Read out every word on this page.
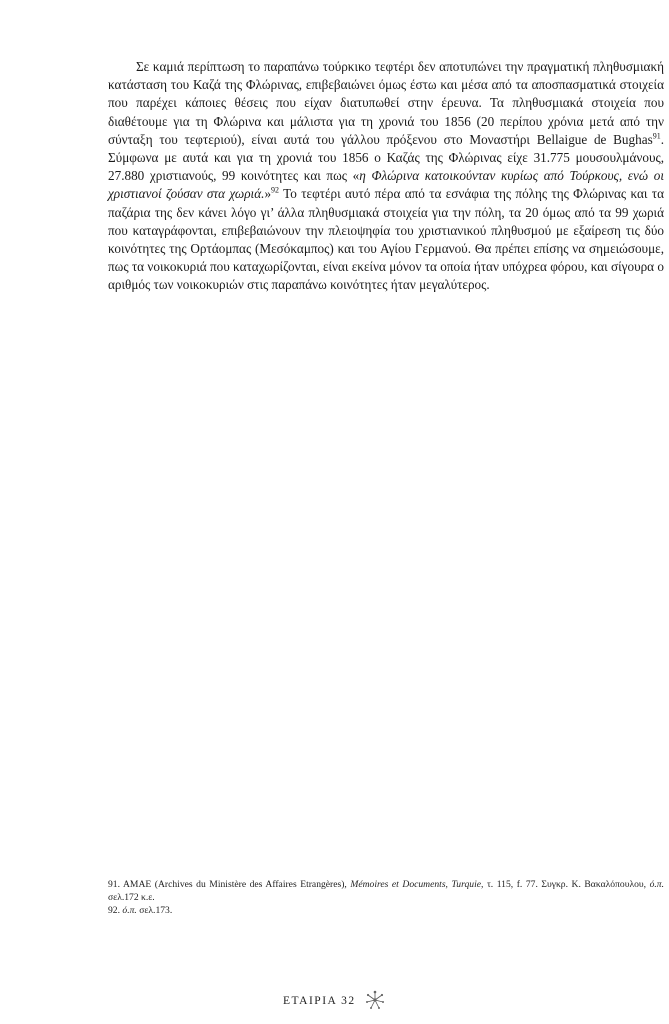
Σε καμιά περίπτωση το παραπάνω τούρκικο τεφτέρι δεν αποτυπώνει την πραγματική πληθυσμιακή κατάσταση του Καζά της Φλώρινας, επιβεβαιώνει όμως έστω και μέσα από τα αποσπασματικά στοιχεία που παρέχει κάποιες θέσεις που είχαν διατυπωθεί στην έρευνα. Τα πληθυσμιακά στοιχεία που διαθέτουμε για τη Φλώρινα και μάλιστα για τη χρονιά του 1856 (20 περίπου χρόνια μετά από την σύνταξη του τεφτεριού), είναι αυτά του γάλλου πρόξενου στο Μοναστήρι Bellaigue de Bughas$^{91}$. Σύμφωνα με αυτά και για τη χρονιά του 1856 ο Καζάς της Φλώρινας είχε 31.775 μουσουλμάνους, 27.880 χριστιανούς, 99 κοινότητες και πως «η Φλώρινα κατοικούνταν κυρίως από Τούρκους, ενώ οι χριστιανοί ζούσαν στα χωριά.»$^{92}$ Το τεφτέρι αυτό πέρα από τα εσνάφια της πόλης της Φλώρινας και τα παζάρια της δεν κάνει λόγο γι’ άλλα πληθυσμιακά στοιχεία για την πόλη, τα 20 όμως από τα 99 χωριά που καταγράφονται, επιβεβαιώνουν την πλειοψηφία του χριστιανικού πληθυσμού με εξαίρεση τις δύο κοινότητες της Ορτάομπας (Μεσόκαμπος) και του Αγίου Γερμανού. Θα πρέπει επίσης να σημειώσουμε, πως τα νοικοκυριά που καταχωρίζονται, είναι εκείνα μόνον τα οποία ήταν υπόχρεα φόρου, και σίγουρα ο αριθμός των νοικοκυριών στις παραπάνω κοινότητες ήταν μεγαλύτερος.

91. AMAE (Archives du Ministère des Affaires Etrangères), Mémoires et Documents, Turquie, τ. 115, f. 77. Συγκρ. Κ. Βακαλόπουλου, ό.π. σελ.172 κ.ε.

92. ό.π. σελ.173.

ΕΤΑΙΡΙΑ 32
